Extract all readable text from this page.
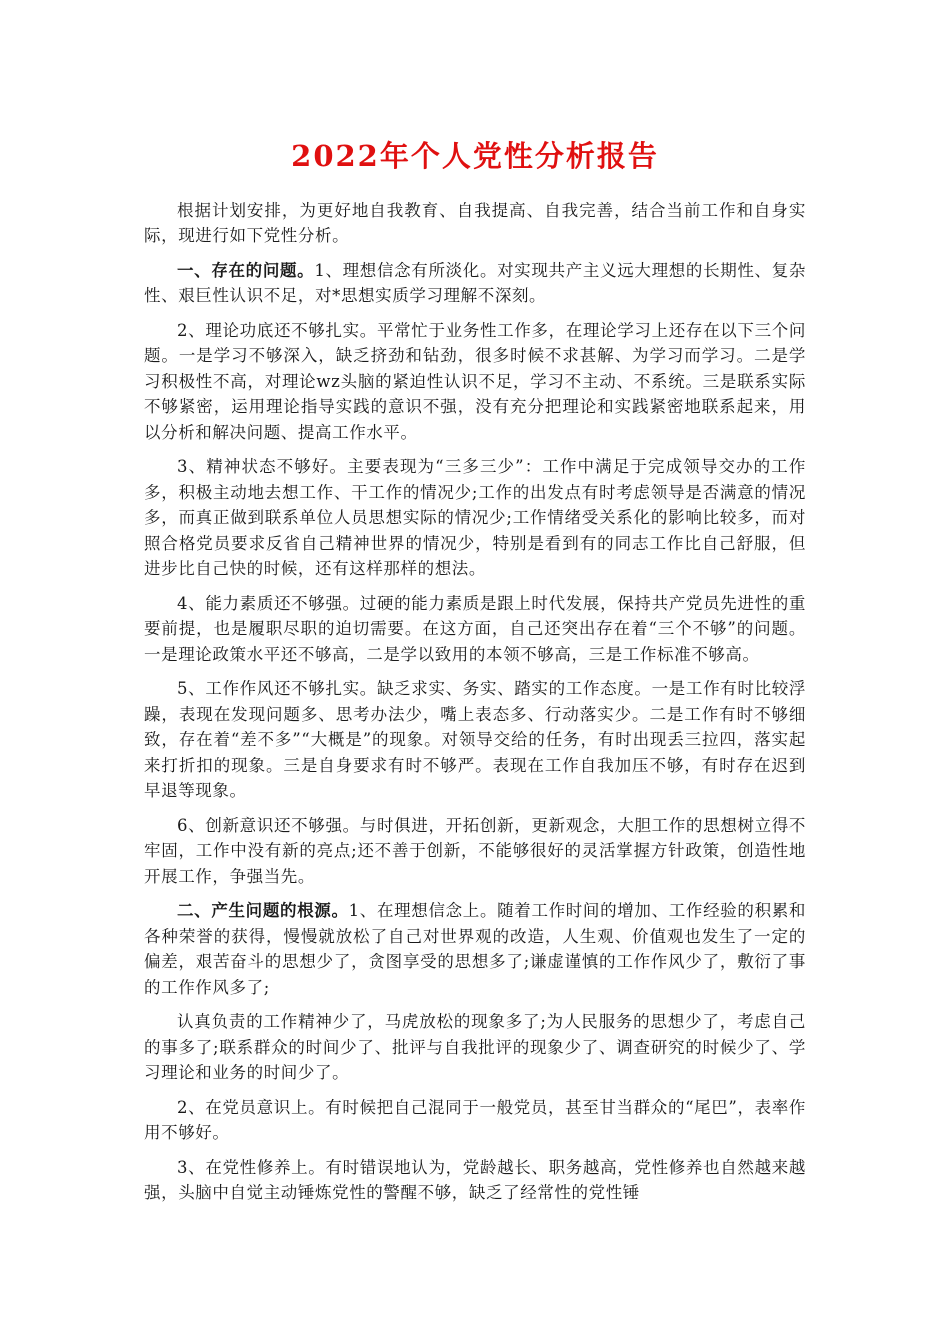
2022年个人党性分析报告

根据计划安排，为更好地自我教育、自我提高、自我完善，结合当前工作和自身实际，现进行如下党性分析。

一、存在的问题。1、理想信念有所淡化。对实现共产主义远大理想的长期性、复杂性、艰巨性认识不足，对*思想实质学习理解不深刻。

2、理论功底还不够扎实。平常忙于业务性工作多，在理论学习上还存在以下三个问题。一是学习不够深入，缺乏挤劲和钻劲，很多时候不求甚解、为学习而学习。二是学习积极性不高，对理论wz头脑的紧迫性认识不足，学习不主动、不系统。三是联系实际不够紧密，运用理论指导实践的意识不强，没有充分把理论和实践紧密地联系起来，用以分析和解决问题、提高工作水平。

3、精神状态不够好。主要表现为“三多三少”：工作中满足于完成领导交办的工作多，积极主动地去想工作、干工作的情况少;工作的出发点有时考虑领导是否满意的情况多，而真正做到联系单位人员思想实际的情况少;工作情绪受关系化的影响比较多，而对照合格党员要求反省自己精神世界的情况少，特别是看到有的同志工作比自己舒服，但进步比自己快的时候，还有这样那样的想法。

4、能力素质还不够强。过硬的能力素质是跟上时代发展，保持共产党员先进性的重要前提，也是履职尽职的迫切需要。在这方面，自己还突出存在着“三个不够”的问题。一是理论政策水平还不够高，二是学以致用的本领不够高，三是工作标准不够高。

5、工作作风还不够扎实。缺乏求实、务实、踏实的工作态度。一是工作有时比较浮躁，表现在发现问题多、思考办法少，嘴上表态多、行动落实少。二是工作有时不够细致，存在着“差不多”“大概是”的现象。对领导交给的任务，有时出现丢三拉四，落实起来打折扣的现象。三是自身要求有时不够严。表现在工作自我加压不够，有时存在迟到早退等现象。

6、创新意识还不够强。与时俱进，开拓创新，更新观念，大胆工作的思想树立得不牢固，工作中没有新的亮点;还不善于创新，不能够很好的灵活掌握方针政策，创造性地开展工作，争强当先。

二、产生问题的根源。1、在理想信念上。随着工作时间的增加、工作经验的积累和各种荣誉的获得，慢慢就放松了自己对世界观的改造，人生观、价值观也发生了一定的偏差，艰苦奋斗的思想少了，贪图享受的思想多了;谦虚谨慎的工作作风少了，敷衍了事的工作作风多了;

认真负责的工作精神少了，马虎放松的现象多了;为人民服务的思想少了，考虑自己的事多了;联系群众的时间少了、批评与自我批评的现象少了、调查研究的时候少了、学习理论和业务的时间少了。

2、在党员意识上。有时候把自己混同于一般党员，甚至甘当群众的“尾巴”，表率作用不够好。

3、在党性修养上。有时错误地认为，党龄越长、职务越高，党性修养也自然越来越强，头脑中自觉主动锤炼党性的警醒不够，缺乏了经常性的党性锤
